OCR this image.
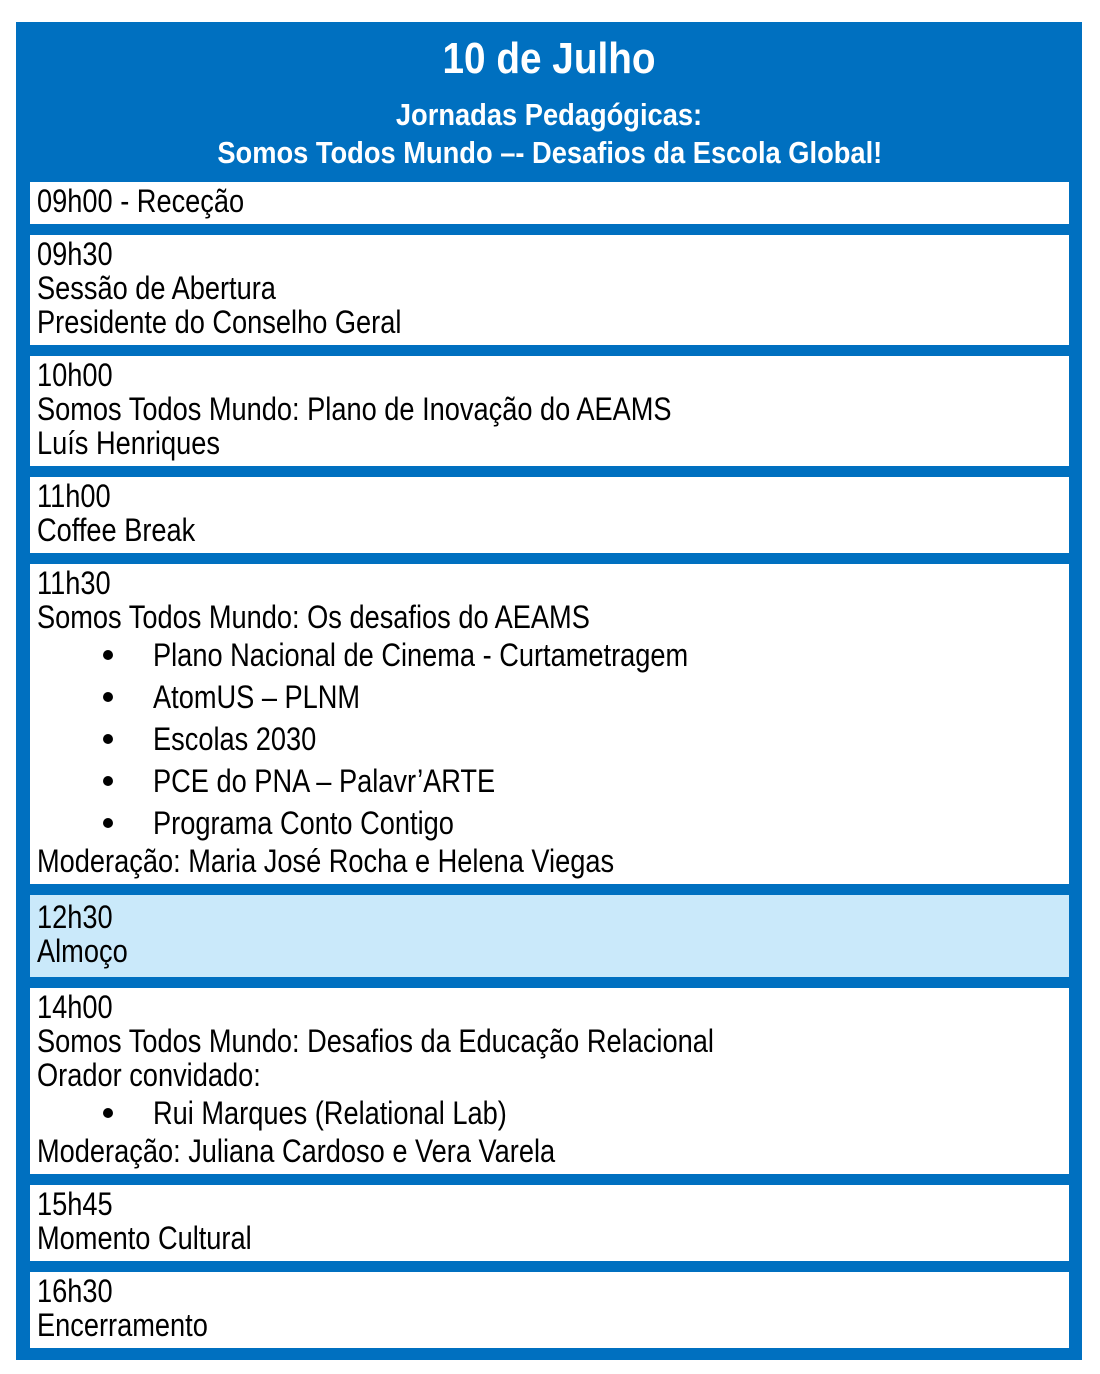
10 de Julho
Jornadas Pedagógicas:
Somos Todos Mundo –- Desafios da Escola Global!
09h00 - Receção
09h30
Sessão de Abertura
Presidente do Conselho Geral
10h00
Somos Todos Mundo: Plano de Inovação do AEAMS
Luís Henriques
11h00
Coffee Break
11h30
Somos Todos Mundo: Os desafios do AEAMS
Plano Nacional de Cinema - Curtametragem
AtomUS – PLNM
Escolas 2030
PCE do PNA – Palavr’ARTE
Programa Conto Contigo
Moderação: Maria José Rocha e Helena Viegas
12h30
Almoço
14h00
Somos Todos Mundo: Desafios da Educação Relacional
Orador convidado:
Rui Marques (Relational Lab)
Moderação: Juliana Cardoso e Vera Varela
15h45
Momento Cultural
16h30
Encerramento
